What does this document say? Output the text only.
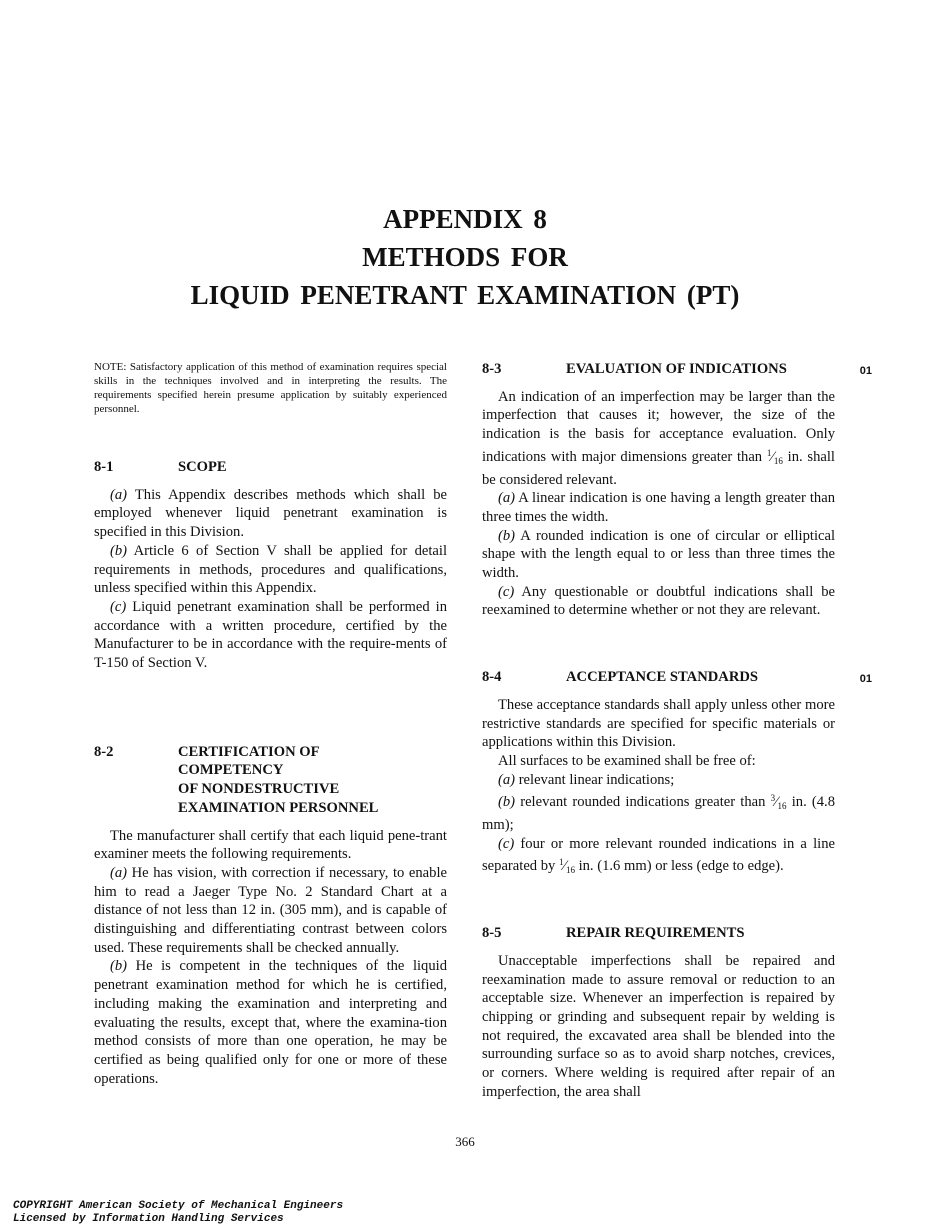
APPENDIX 8
METHODS FOR
LIQUID PENETRANT EXAMINATION (PT)
NOTE: Satisfactory application of this method of examination requires special skills in the techniques involved and in interpreting the results. The requirements specified herein presume application by suitably experienced personnel.
8-1	SCOPE

(a) This Appendix describes methods which shall be employed whenever liquid penetrant examination is specified in this Division.

(b) Article 6 of Section V shall be applied for detail requirements in methods, procedures and qualifications, unless specified within this Appendix.

(c) Liquid penetrant examination shall be performed in accordance with a written procedure, certified by the Manufacturer to be in accordance with the require-ments of T-150 of Section V.

8-2	CERTIFICATION OF
COMPETENCY
OF NONDESTRUCTIVE
EXAMINATION PERSONNEL

The manufacturer shall certify that each liquid pene-trant examiner meets the following requirements.

(a) He has vision, with correction if necessary, to enable him to read a Jaeger Type No. 2 Standard Chart at a distance of not less than 12 in. (305 mm), and is capable of distinguishing and differentiating contrast between colors used. These requirements shall be checked annually.

(b) He is competent in the techniques of the liquid penetrant examination method for which he is certified, including making the examination and interpreting and evaluating the results, except that, where the examina-tion method consists of more than one operation, he may be certified as being qualified only for one or more of these operations.

8-3	EVALUATION OF INDICATIONS	01

An indication of an imperfection may be larger than the imperfection that causes it; however, the size of the indication is the basis for acceptance evaluation. Only indications with major dimensions greater than $^1⁄_{16}$ in. shall be considered relevant.

(a) A linear indication is one having a length greater than three times the width.

(b) A rounded indication is one of circular or elliptical shape with the length equal to or less than three times the width.

(c) Any questionable or doubtful indications shall be reexamined to determine whether or not they are relevant.

8-4	ACCEPTANCE STANDARDS	01

These acceptance standards shall apply unless other more restrictive standards are specified for specific materials or applications within this Division.

All surfaces to be examined shall be free of:

(a) relevant linear indications;

(b) relevant rounded indications greater than $^3⁄_{16}$ in. (4.8 mm);

(c) four or more relevant rounded indications in a line separated by $^1⁄_{16}$ in. (1.6 mm) or less (edge to edge).

8-5	REPAIR REQUIREMENTS

Unacceptable imperfections shall be repaired and reexamination made to assure removal or reduction to an acceptable size. Whenever an imperfection is repaired by chipping or grinding and subsequent repair by welding is not required, the excavated area shall be blended into the surrounding surface so as to avoid sharp notches, crevices, or corners. Where welding is required after repair of an imperfection, the area shall

366
COPYRIGHT American Society of Mechanical Engineers
Licensed by Information Handling Services
